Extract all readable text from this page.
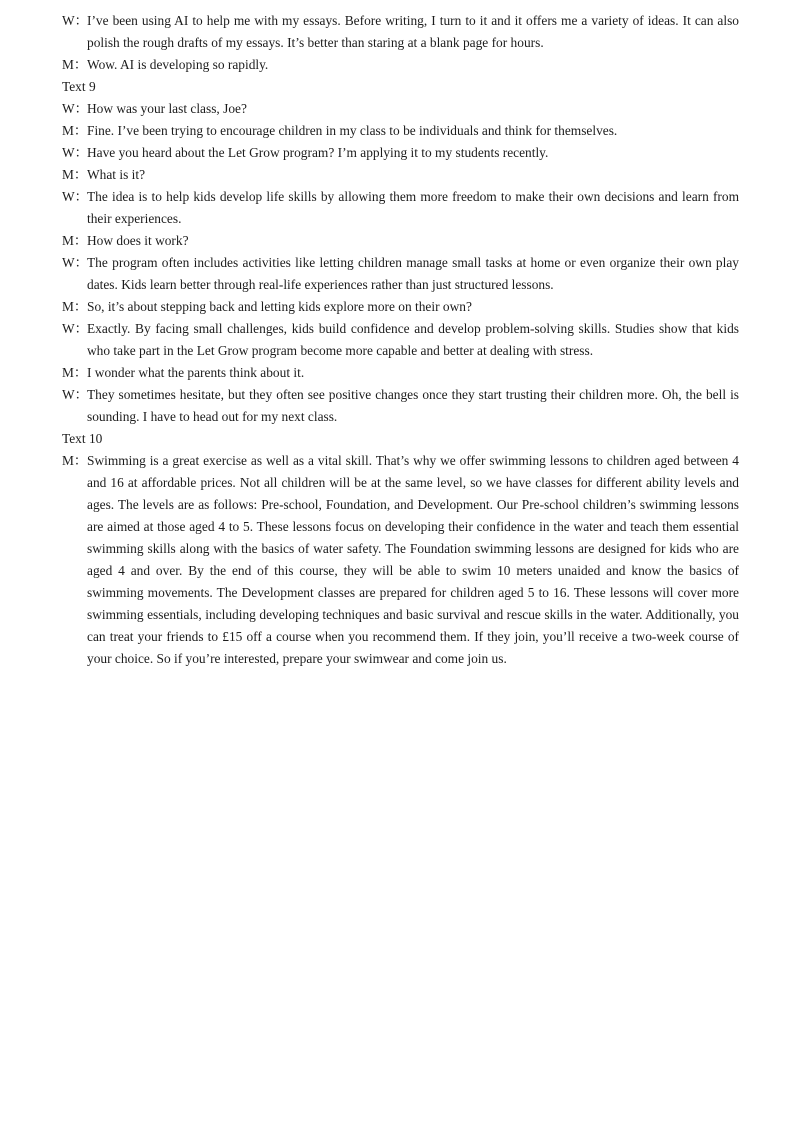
W：I’ve been using AI to help me with my essays. Before writing, I turn to it and it offers me a variety of ideas. It can also polish the rough drafts of my essays. It’s better than staring at a blank page for hours.

M：Wow. AI is developing so rapidly.

Text 9

W：How was your last class, Joe?

M：Fine. I’ve been trying to encourage children in my class to be individuals and think for themselves.

W：Have you heard about the Let Grow program? I’m applying it to my students recently.

M：What is it?

W：The idea is to help kids develop life skills by allowing them more freedom to make their own decisions and learn from their experiences.

M：How does it work?

W：The program often includes activities like letting children manage small tasks at home or even organize their own play dates. Kids learn better through real-life experiences rather than just structured lessons.

M：So, it’s about stepping back and letting kids explore more on their own?

W：Exactly. By facing small challenges, kids build confidence and develop problem-solving skills. Studies show that kids who take part in the Let Grow program become more capable and better at dealing with stress.

M：I wonder what the parents think about it.

W：They sometimes hesitate, but they often see positive changes once they start trusting their children more. Oh, the bell is sounding. I have to head out for my next class.

Text 10

M：Swimming is a great exercise as well as a vital skill. That’s why we offer swimming lessons to children aged between 4 and 16 at affordable prices. Not all children will be at the same level, so we have classes for different ability levels and ages. The levels are as follows: Pre-school, Foundation, and Development. Our Pre-school children’s swimming lessons are aimed at those aged 4 to 5. These lessons focus on developing their confidence in the water and teach them essential swimming skills along with the basics of water safety. The Foundation swimming lessons are designed for kids who are aged 4 and over. By the end of this course, they will be able to swim 10 meters unaided and know the basics of swimming movements. The Development classes are prepared for children aged 5 to 16. These lessons will cover more swimming essentials, including developing techniques and basic survival and rescue skills in the water. Additionally, you can treat your friends to £15 off a course when you recommend them. If they join, you’ll receive a two-week course of your choice. So if you’re interested, prepare your swimwear and come join us.
